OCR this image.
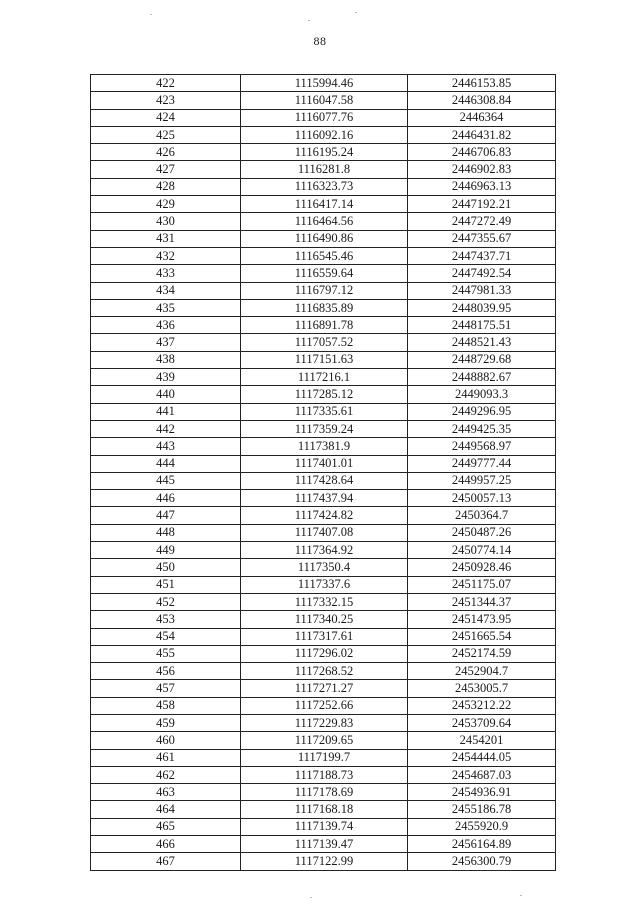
88
422	1115994.46	2446153.85
423	1116047.58	2446308.84
424	1116077.76	2446364
425	1116092.16	2446431.82
426	1116195.24	2446706.83
427	1116281.8	2446902.83
428	1116323.73	2446963.13
429	1116417.14	2447192.21
430	1116464.56	2447272.49
431	1116490.86	2447355.67
432	1116545.46	2447437.71
433	1116559.64	2447492.54
434	1116797.12	2447981.33
435	1116835.89	2448039.95
436	1116891.78	2448175.51
437	1117057.52	2448521.43
438	1117151.63	2448729.68
439	1117216.1	2448882.67
440	1117285.12	2449093.3
441	1117335.61	2449296.95
442	1117359.24	2449425.35
443	1117381.9	2449568.97
444	1117401.01	2449777.44
445	1117428.64	2449957.25
446	1117437.94	2450057.13
447	1117424.82	2450364.7
448	1117407.08	2450487.26
449	1117364.92	2450774.14
450	1117350.4	2450928.46
451	1117337.6	2451175.07
452	1117332.15	2451344.37
453	1117340.25	2451473.95
454	1117317.61	2451665.54
455	1117296.02	2452174.59
456	1117268.52	2452904.7
457	1117271.27	2453005.7
458	1117252.66	2453212.22
459	1117229.83	2453709.64
460	1117209.65	2454201
461	1117199.7	2454444.05
462	1117188.73	2454687.03
463	1117178.69	2454936.91
464	1117168.18	2455186.78
465	1117139.74	2455920.9
466	1117139.47	2456164.89
467	1117122.99	2456300.79
